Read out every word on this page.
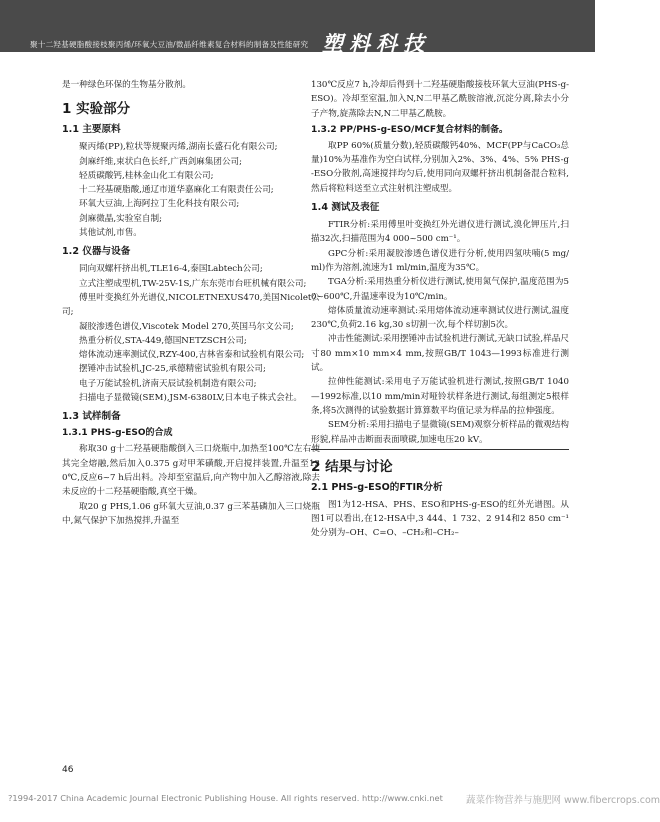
聚十二羟基硬脂酸接枝聚丙烯/环氧大豆油/微晶纤维素复合材料的制备及性能研究 塑料科技

是一种绿色环保的生物基分散剂。

1 实验部分
1.1 主要原料

聚丙烯(PP),粒状等规聚丙烯,湖南长盛石化有限公司;

剑麻纤维,束状白色长纤,广西剑麻集团公司;

轻质碳酸钙,桂林金山化工有限公司;

十二羟基硬脂酸,通辽市道华嘉麻化工有限责任公司;

环氧大豆油,上海阿拉丁生化科技有限公司;

剑麻微晶,实验室自制;

其他试剂,市售。

1.2 仪器与设备

同向双螺杆挤出机,TLE16-4,泰国Labtech公司;

立式注塑成型机,TW-25V-1S,广东东莞市台旺机械有限公司;

傅里叶变换红外光谱仪,NICOLETNEXUS470,美国Nicolet公司;

凝胶渗透色谱仪,Viscotek Model 270,英国马尔文公司;

热重分析仪,STA-449,德国NETZSCH公司;

熔体流动速率测试仪,RZY-400,吉林省泰和试验机有限公司;

摆锤冲击试验机,JC-25,承德精密试验机有限公司;

电子万能试验机,济南天辰试验机制造有限公司;

扫描电子显微镜(SEM),JSM-6380LV,日本电子株式会社。

1.3 试样制备
1.3.1 PHS-g-ESO的合成

称取30 g十二羟基硬脂酸倒入三口烧瓶中,加热至100℃左右使其完全熔融,然后加入0.375 g对甲苯磺酸,开启搅拌装置,升温至130℃,反应6~7 h后出料。冷却至室温后,向产物中加入乙醇溶液,除去未反应的十二羟基硬脂酸,真空干燥。

取20 g PHS,1.06 g环氧大豆油,0.37 g三苯基磷加入三口烧瓶中,氮气保护下加热搅拌,升温至

130℃反应7 h,冷却后得到十二羟基硬脂酸接枝环氧大豆油(PHS-g-ESO)。冷却至室温,加入N,N二甲基乙酰胺溶液,沉淀分离,除去小分子产物,旋蒸除去N,N二甲基乙酰胺。

1.3.2 PP/PHS-g-ESO/MCF复合材料的制备。

取PP 60%(质量分数),轻质碳酸钙40%、MCF(PP与CaCO₃总量)10%为基准作为空白试样,分别加入2%、3%、4%、5% PHS-g-ESO分散剂,高速搅拌均匀后,使用同向双螺杆挤出机制备混合粒料,然后将粒料送至立式注射机注塑成型。

1.4 测试及表征

FTIR分析:采用傅里叶变换红外光谱仪进行测试,溴化钾压片,扫描32次,扫描范围为4 000~500 cm⁻¹。

GPC分析:采用凝胶渗透色谱仪进行分析,使用四氢呋喃(5 mg/ml)作为溶剂,流速为1 ml/min,温度为35℃。

TGA分析:采用热重分析仪进行测试,使用氮气保护,温度范围为50~600℃,升温速率设为10℃/min。

熔体质量流动速率测试:采用熔体流动速率测试仪进行测试,温度230℃,负荷2.16 kg,30 s切割一次,每个样切割5次。

冲击性能测试:采用摆锤冲击试验机进行测试,无缺口试验,样品尺寸80 mm×10 mm×4 mm,按照GB/T 1043—1993标准进行测试。

拉伸性能测试:采用电子万能试验机进行测试,按照GB/T 1040—1992标准,以10 mm/min对哑铃状样条进行测试,每组测定5根样条,将5次测得的试验数据计算算数平均值记录为样品的拉伸强度。

SEM分析:采用扫描电子显微镜(SEM)观察分析样品的微观结构形貌,样品冲击断面表面喷碳,加速电压20 kV。

2 结果与讨论
2.1 PHS-g-ESO的FTIR分析

图1为12-HSA、PHS、ESO和PHS-g-ESO的红外光谱图。从图1可以看出,在12-HSA中,3 444、1 732、2 914和2 850 cm⁻¹处分别为–OH、C=O、–CH₂和–CH₂–

46
?1994-2017 China Academic Journal Electronic Publishing House. All rights reserved. http://www.cnki.net 蔬菜作物营养与施肥网 www.fibercrops.com
